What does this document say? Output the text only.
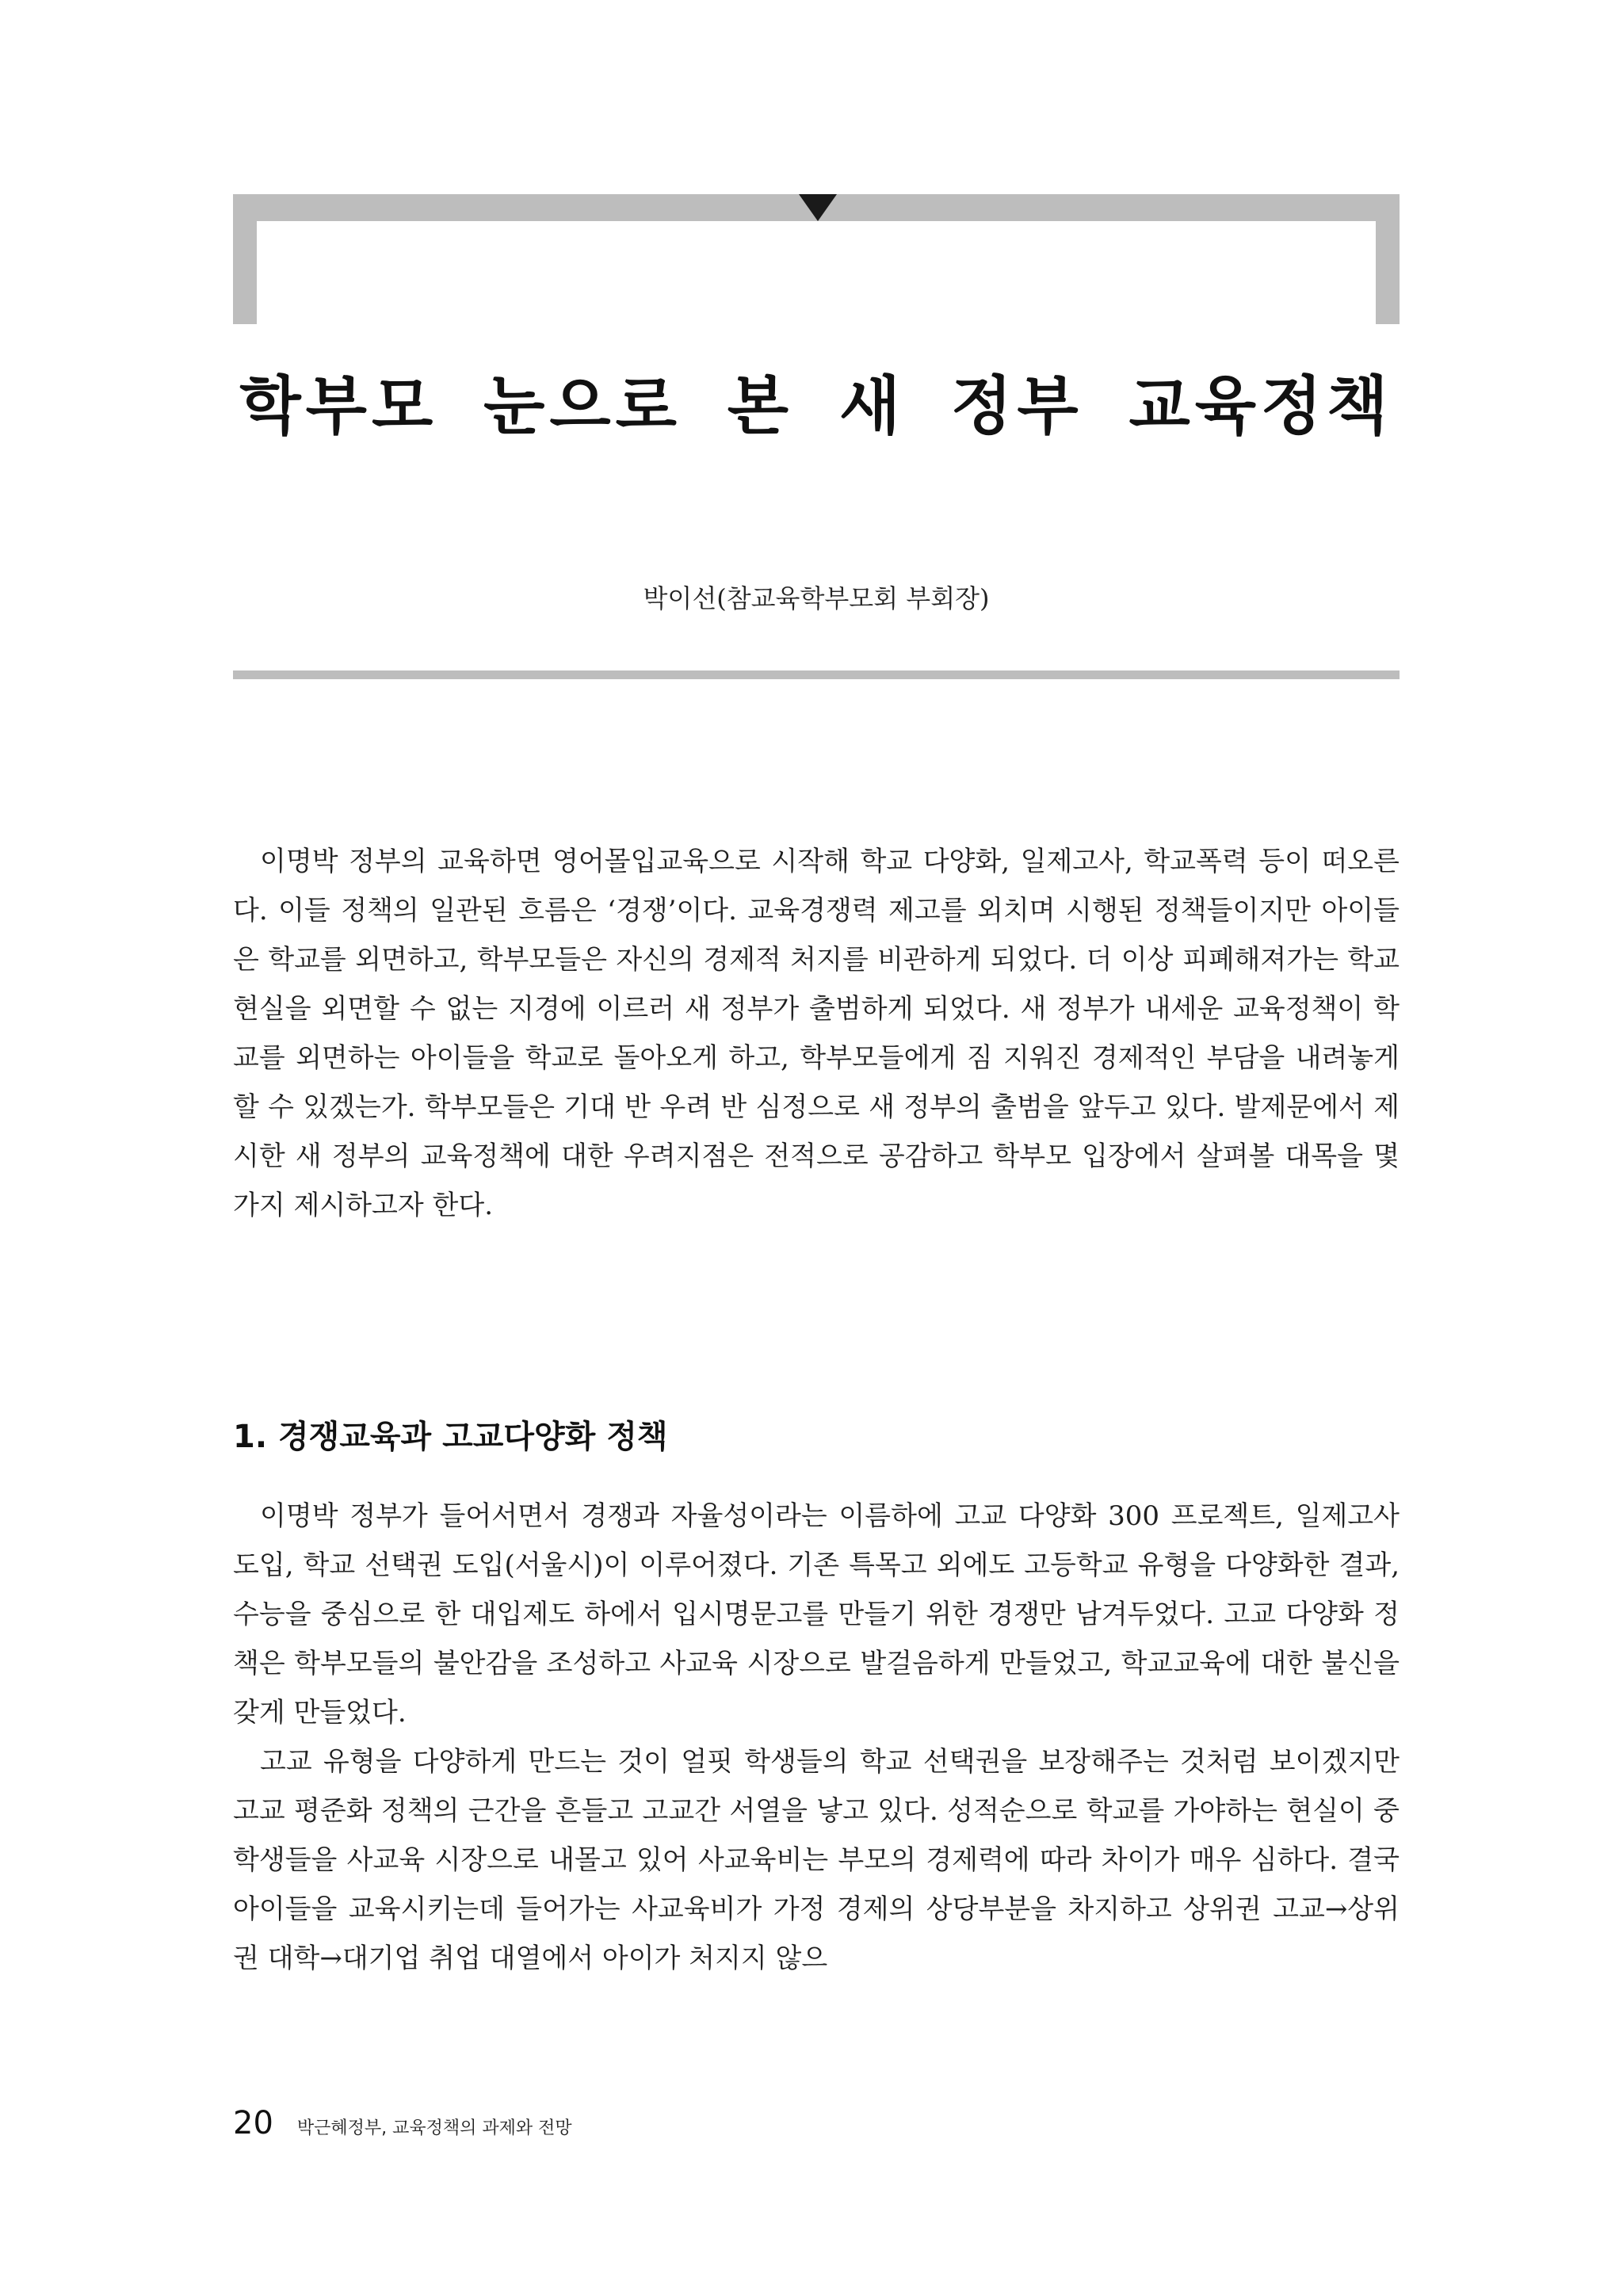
학부모 눈으로 본 새 정부 교육정책
박이선(참교육학부모회 부회장)

이명박 정부의 교육하면 영어몰입교육으로 시작해 학교 다양화, 일제고사, 학교폭력 등이 떠오른다. 이들 정책의 일관된 흐름은 ‘경쟁’이다. 교육경쟁력 제고를 외치며 시행된 정책들이지만 아이들은 학교를 외면하고, 학부모들은 자신의 경제적 처지를 비관하게 되었다. 더 이상 피폐해져가는 학교현실을 외면할 수 없는 지경에 이르러 새 정부가 출범하게 되었다. 새 정부가 내세운 교육정책이 학교를 외면하는 아이들을 학교로 돌아오게 하고, 학부모들에게 짐 지워진 경제적인 부담을 내려놓게 할 수 있겠는가. 학부모들은 기대 반 우려 반 심정으로 새 정부의 출범을 앞두고 있다. 발제문에서 제시한 새 정부의 교육정책에 대한 우려지점은 전적으로 공감하고 학부모 입장에서 살펴볼 대목을 몇 가지 제시하고자 한다.

1. 경쟁교육과 고교다양화 정책

이명박 정부가 들어서면서 경쟁과 자율성이라는 이름하에 고교 다양화 300 프로젝트, 일제고사 도입, 학교 선택권 도입(서울시)이 이루어졌다. 기존 특목고 외에도 고등학교 유형을 다양화한 결과, 수능을 중심으로 한 대입제도 하에서 입시명문고를 만들기 위한 경쟁만 남겨두었다. 고교 다양화 정책은 학부모들의 불안감을 조성하고 사교육 시장으로 발걸음하게 만들었고, 학교교육에 대한 불신을 갖게 만들었다.

고교 유형을 다양하게 만드는 것이 얼핏 학생들의 학교 선택권을 보장해주는 것처럼 보이겠지만 고교 평준화 정책의 근간을 흔들고 고교간 서열을 낳고 있다. 성적순으로 학교를 가야하는 현실이 중학생들을 사교육 시장으로 내몰고 있어 사교육비는 부모의 경제력에 따라 차이가 매우 심하다. 결국 아이들을 교육시키는데 들어가는 사교육비가 가정 경제의 상당부분을 차지하고 상위권 고교→상위권 대학→대기업 취업 대열에서 아이가 처지지 않으

20 박근혜정부, 교육정책의 과제와 전망
